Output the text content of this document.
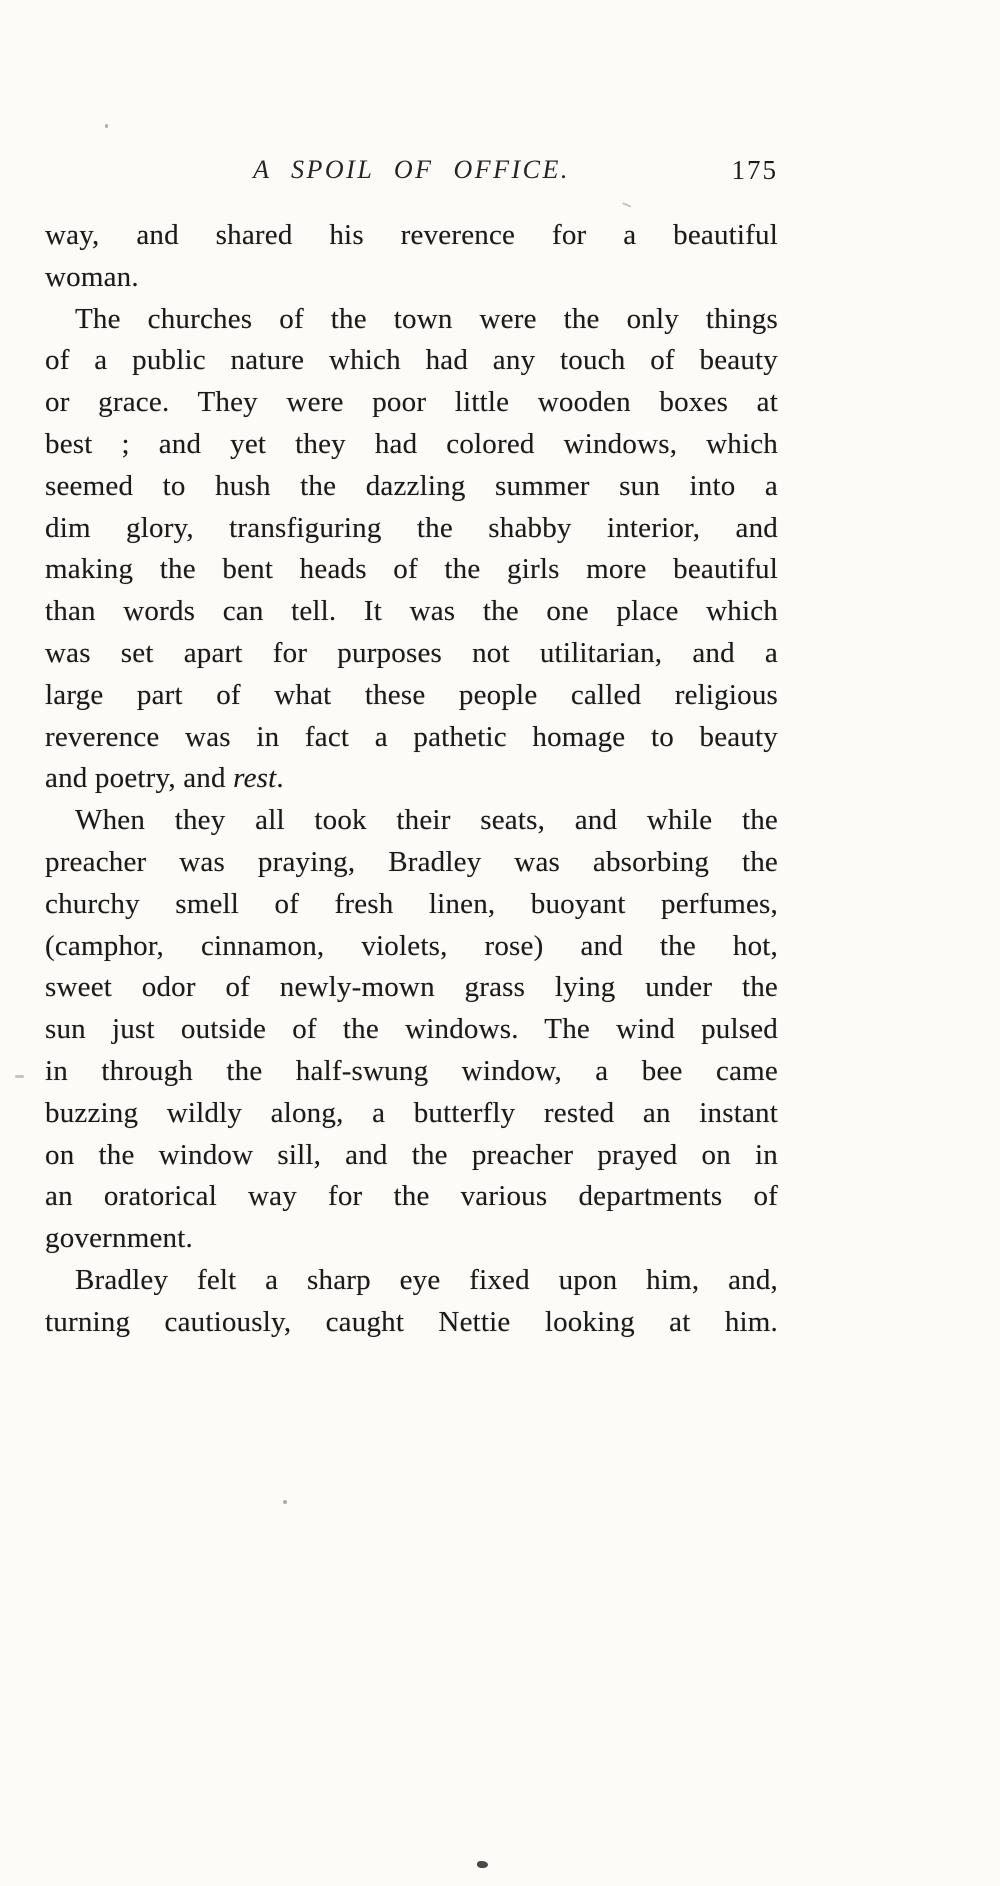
A SPOIL OF OFFICE.	175
way, and shared his reverence for a beautiful
woman.
The churches of the town were the only things
of a public nature which had any touch of beauty
or grace. They were poor little wooden boxes at
best ; and yet they had colored windows, which
seemed to hush the dazzling summer sun into a
dim glory, transfiguring the shabby interior, and
making the bent heads of the girls more beautiful
than words can tell. It was the one place which
was set apart for purposes not utilitarian, and a
large part of what these people called religious
reverence was in fact a pathetic homage to beauty
and poetry, and rest.
When they all took their seats, and while the
preacher was praying, Bradley was absorbing the
churchy smell of fresh linen, buoyant perfumes,
(camphor, cinnamon, violets, rose) and the hot,
sweet odor of newly-mown grass lying under the
sun just outside of the windows. The wind pulsed
in through the half-swung window, a bee came
buzzing wildly along, a butterfly rested an instant
on the window sill, and the preacher prayed on in
an oratorical way for the various departments of
government.
Bradley felt a sharp eye fixed upon him, and,
turning cautiously, caught Nettie looking at him.
